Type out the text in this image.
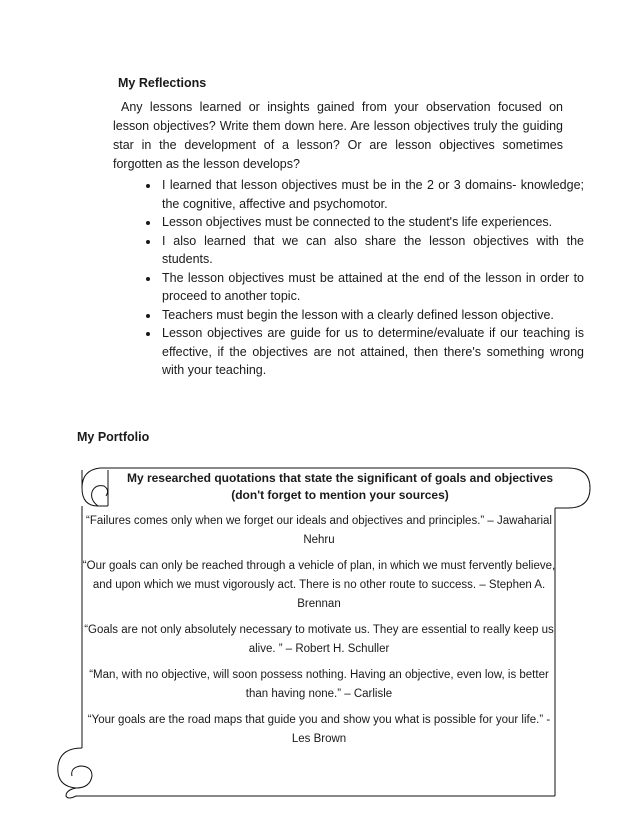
My Reflections
Any lessons learned or insights gained from your observation focused on lesson objectives? Write them down here. Are lesson objectives truly the guiding star in the development of a lesson? Or are lesson objectives sometimes forgotten as the lesson develops?
• I learned that lesson objectives must be in the 2 or 3 domains- knowledge; the cognitive, affective and psychomotor.
• Lesson objectives must be connected to the student's life experiences.
• I also learned that we can also share the lesson objectives with the students.
• The lesson objectives must be attained at the end of the lesson in order to proceed to another topic.
• Teachers must begin the lesson with a clearly defined lesson objective.
• Lesson objectives are guide for us to determine/evaluate if our teaching is effective, if the objectives are not attained, then there's something wrong with your teaching.
My Portfolio
My researched quotations that state the significant of goals and objectives
(don't forget to mention your sources)

“Failures comes only when we forget our ideals and objectives and principles.” – Jawaharial Nehru

“Our goals can only be reached through a vehicle of plan, in which we must fervently believe, and upon which we must vigorously act. There is no other route to success. – Stephen A. Brennan

“Goals are not only absolutely necessary to motivate us. They are essential to really keep us alive. ” – Robert H. Schuller

“Man, with no objective, will soon possess nothing. Having an objective, even low, is better than having none.” – Carlisle

“Your goals are the road maps that guide you and show you what is possible for your life.” - Les Brown
